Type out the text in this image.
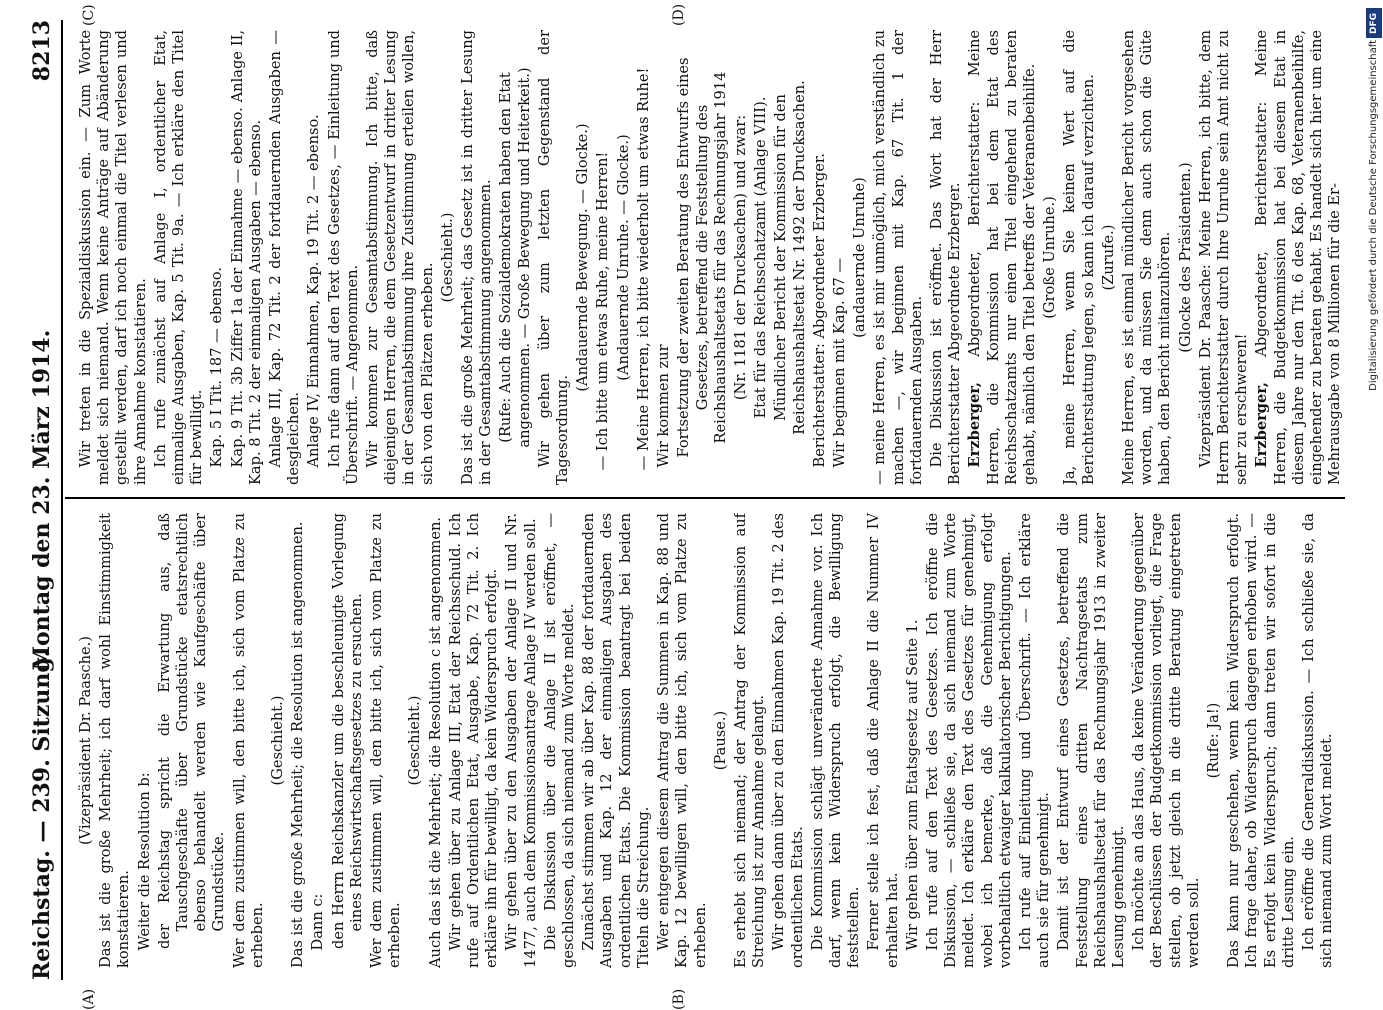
Reichstag. — 239. Sitzung.
Montag den 23. März 1914.
8213
(A)	(B)
(C)	(D)

(Vizepräsident Dr. Paasche.) Das ist die große Mehrheit; ich darf wohl Einstimmigkeit konstatieren. Weiter die Resolution b: der Reichstag spricht die Erwartung aus, daß Tauschgeschäfte über Grundstücke etatsrechtlich ebenso behandelt werden wie Kaufgeschäfte über Grundstücke. Wer dem zustimmen will, den bitte ich, sich vom Platze zu erheben.

(Geschieht.) Das ist die große Mehrheit; die Resolution ist angenommen. Dann c: den Herrn Reichskanzler um die beschleunigte Vorlegung eines Reichswirtschaftsgesetzes zu ersuchen. Wer dem zustimmen will, den bitte ich, sich vom Platze zu erheben.

(Geschieht.) Auch das ist die Mehrheit; die Resolution c ist angenommen. Wir gehen über zu Anlage III, Etat der Reichsschuld. Ich rufe auf Ordentlichen Etat, Ausgabe, Kap. 72 Tit. 2. Ich erkläre ihn für bewilligt, da kein Widerspruch erfolgt. Wir gehen über zu den Ausgaben der Anlage II und Nr. 1477, auch dem Kommissionsantrage Anlage IV werden soll. Die Diskussion über die Anlage II ist eröffnet, — geschlossen, da sich niemand zum Worte meldet. Zunächst stimmen wir ab über Kap. 88 der fortdauernden Ausgaben und Kap. 12 der einmaligen Ausgaben des ordentlichen Etats. Die Kommission beantragt bei beiden Titeln die Streichung. Wer entgegen diesem Antrag die Summen in Kap. 88 und Kap. 12 bewilligen will, den bitte ich, sich vom Platze zu erheben.

(Pause.) Es erhebt sich niemand; der Antrag der Kommission auf Streichung ist zur Annahme gelangt. Wir gehen dann über zu den Einnahmen Kap. 19 Tit. 2 des ordentlichen Etats. Die Kommission schlägt unveränderte Annahme vor. Ich darf, wenn kein Widerspruch erfolgt, die Bewilligung feststellen. Ferner stelle ich fest, daß die Anlage II die Nummer IV erhalten hat. Wir gehen über zum Etatsgesetz auf Seite 1. Ich rufe auf den Text des Gesetzes. Ich eröffne die Diskussion, — schließe sie, da sich niemand zum Worte meldet. Ich erkläre den Text des Gesetzes für genehmigt, wobei ich bemerke, daß die Genehmigung erfolgt vorbehaltlich etwaiger kalkulatorischer Berichtigungen. Ich rufe auf Einleitung und Überschrift. — Ich erkläre auch sie für genehmigt. Damit ist der Entwurf eines Gesetzes, betreffend die Feststellung eines dritten Nachtragsetats zum Reichshaushaltsetat für das Rechnungsjahr 1913 in zweiter Lesung genehmigt. Ich möchte an das Haus, da keine Veränderung gegenüber der Beschlüssen der Budgetkommission vorliegt, die Frage stellen, ob jetzt gleich in die dritte Beratung eingetreten werden soll.

(Rufe: Ja!) Das kann nur geschehen, wenn kein Widerspruch erfolgt. Ich frage daher, ob Widerspruch dagegen erhoben wird. — Es erfolgt kein Widerspruch; dann treten wir sofort in die dritte Lesung ein. Ich eröffne die Generaldiskussion. — Ich schließe sie, da sich niemand zum Wort meldet.

Wir treten in die Spezialdiskussion ein. — Zum Worte meldet sich niemand. Wenn keine Anträge auf Abänderung gestellt werden, darf ich noch einmal die Titel verlesen und ihre Annahme konstatieren. Ich rufe zunächst auf Anlage I, ordentlicher Etat, einmalige Ausgaben, Kap. 5 Tit. 9a. — Ich erkläre den Titel für bewilligt. Kap. 5 I Tit. 187 — ebenso. Kap. 9 Tit. 3b Ziffer 1a der Einnahme — ebenso. Anlage II, Kap. 8 Tit. 2 der einmaligen Ausgaben — ebenso. Anlage III, Kap. 72 Tit. 2 der fortdauernden Ausgaben — desgleichen. Anlage IV, Einnahmen, Kap. 19 Tit. 2 — ebenso. Ich rufe dann auf den Text des Gesetzes, — Einleitung und Überschrift. — Angenommen. Wir kommen zur Gesamtabstimmung. Ich bitte, daß diejenigen Herren, die dem Gesetzentwurf in dritter Lesung in der Gesamtabstimmung ihre Zustimmung erteilen wollen, sich von den Plätzen erheben.

(Geschieht.) Das ist die große Mehrheit; das Gesetz ist in dritter Lesung in der Gesamtabstimmung angenommen. (Rufe: Auch die Sozialdemokraten haben den Etat angenommen. — Große Bewegung und Heiterkeit.) Wir gehen über zum letzten Gegenstand der Tagesordnung.

(Andauernde Bewegung. — Glocke.) — Ich bitte um etwas Ruhe, meine Herren! (Andauernde Unruhe. — Glocke.) — Meine Herren, ich bitte wiederholt um etwas Ruhe! Wir kommen zur Fortsetzung der zweiten Beratung des Entwurfs eines Gesetzes, betreffend die Feststellung des Reichshaushaltsetats für das Rechnungsjahr 1914 (Nr. 1181 der Drucksachen) und zwar: Etat für das Reichsschatzamt (Anlage VIII). Mündlicher Bericht der Kommission für den Reichshaushaltsetat Nr. 1492 der Drucksachen. Berichterstatter: Abgeordneter Erzberger. Wir beginnen mit Kap. 67 —

(andauernde Unruhe) — meine Herren, es ist mir unmöglich, mich verständlich zu machen —, wir beginnen mit Kap. 67 Tit. 1 der fortdauernden Ausgaben. Die Diskussion ist eröffnet. Das Wort hat der Herr Berichterstatter Abgeordnete Erzberger. Erzberger, Abgeordneter, Berichterstatter: Meine Herren, die Kommission hat bei dem Etat des Reichsschatzamts nur einen Titel eingehend zu beraten gehabt, nämlich den Titel betreffs der Veteranenbeihilfe. (Große Unruhe.) Ja, meine Herren, wenn Sie keinen Wert auf die Berichterstattung legen, so kann ich darauf verzichten. (Zurufe.) Meine Herren, es ist einmal mündlicher Bericht vorgesehen worden, und da müssen Sie denn auch schon die Güte haben, den Bericht mitanzuhören. (Glocke des Präsidenten.) Vizepräsident Dr. Paasche: Meine Herren, ich bitte, dem Herrn Berichterstatter durch Ihre Unruhe sein Amt nicht zu sehr zu erschweren! Erzberger, Abgeordneter, Berichterstatter: Meine Herren, die Budgetkommission hat bei diesem Etat in diesem Jahre nur den Tit. 6 des Kap. 68, Veteranenbeihilfe, eingehender zu beraten gehabt. Es handelt sich hier um eine Mehrausgabe von 8 Millionen für die Er-

DFG
Digitalisierung gefördert durch die Deutsche Forschungsgemeinschaft
